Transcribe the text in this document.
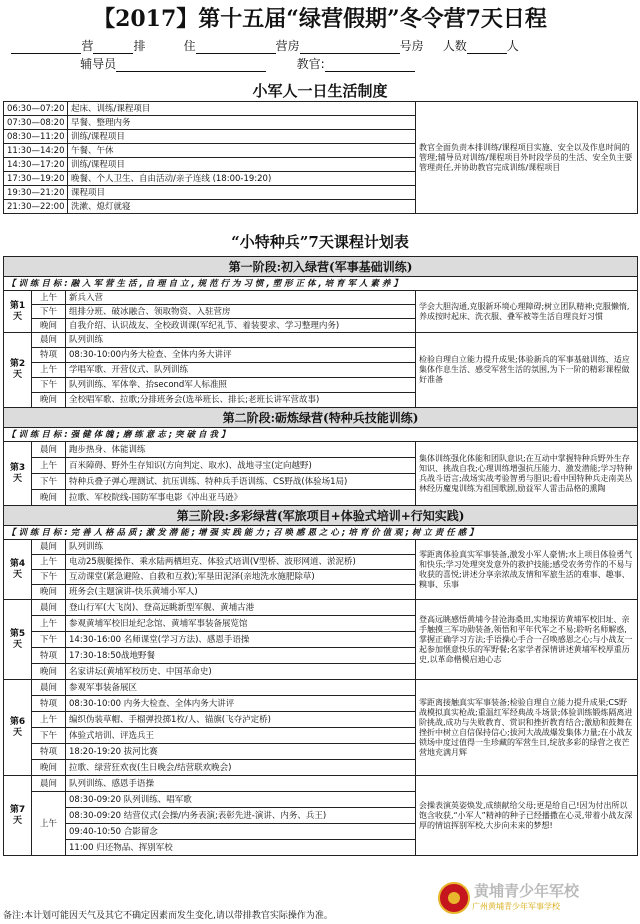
【2017】第十五届“绿营假期”冬令营7天日程
营	排	住	营房	号房 人数	人
辅导员	教官:
小军人一日生活制度
06:30—07:20	起床、训练/课程项目	教官全面负责本排训练/课程项目实施、安全以及作息时间的管理;辅导员对训练/课程项目外时段学员的生活、安全负主要管理责任,并协助教官完成训练/课程项目
07:30—08:20	早餐、整理内务	
08:30—11:20	训练/课程项目	
11:30—14:20	午餐、午休	
14:30—17:20	训练/课程项目	
17:30—19:20	晚餐、个人卫生、自由活动/亲子连线 (18:00-19:20)	
19:30—21:20	课程项目	
21:30—22:00	洗漱、熄灯就寝	
“小特种兵”7天课程计划表
第一阶段:初入绿营(军事基础训练)			
【 训 练 目 标 : 融 入 军 营 生 活 , 自 理 自 立 , 规 范 行 为 习 惯 , 塑 形 正 体 , 培 育 军 人 素 养 】			
第1天	上午	新兵入营	学会大胆沟通,克服新环境心理障碍;树立团队精神;克服懒惰,养成按时起床、洗衣服、叠军被等生活自理良好习惯
	下午	组排分班、破冰融合、领取物资、入驻营房	
	晚间	自我介绍、认识战友、全校政训课(军纪礼节、着装要求、学习整理内务)	
第2天	晨间	队列训练	检验自理自立能力提升成果;体验新兵的军事基础训练、适应集体作息生活、感受军营生活的氛围,为下一阶的精彩课程做好准备
	特项	08:30-10:00内务大检查、全体内务大讲评	
	上午	学唱军歌、开营仪式、队列训练	
	下午	队列训练、军体拳、抬second军人标准照	
	晚间	全校唱军歌、拉歌;分排班务会(选举班长、排长;老班长讲军营故事)	
第二阶段:砺炼绿营(特种兵技能训练)			
【 训 练 目 标 : 强 健 体 魄 ; 磨 练 意 志 ; 突 破 自 我 】			
第3天	晨间	跑步热身、体能训练	集体训练强化体能和团队意识;在互动中掌握特种兵野外生存知识、挑战自我;心理训练增强抗压能力、激发潜能;学习特种兵战斗语言;战场实战考验智勇与胆识;看中国特种兵走南美丛林经历魔鬼训练为祖国歌剧,励益军人雷击品格的熏陶
	上午	百米障碍、野外生存知识(方向判定、取水)、战地寻宝(定向越野)	
	下午	特种兵叠子弹心理测试、抗压训练、特种兵手语训练、CS野战(体验场1局)	
	晚间	拉歌、军校院线-国防军事电影《冲出亚马逊》	
第三阶段:多彩绿营(军旅项目+体验式培训+行知实践)			
【 训 练 目 标 : 完 善 人 格 品 质 ; 激 发 潜 能 ; 增 强 实 践 能 力 ; 召 唤 感 恩 之 心 ; 培 育 价 值 观 ; 树 立 责 任 感 】			
第4天	晨间	队列训练	零距离体验真实军事装备,激发小军人豪情;水上项目体验勇气和快乐;学习处理突发意外的救护技能;感受农务劳作的不易与收获的喜悦;讲述分享亲浓战友情和军旅生活的难事、趣事、糗事、乐事
	上午	电动25舰艇操作、乘水陆两栖坦克、体验式培训(V型桥、波形网道、淤泥桥)	
	下午	互动课堂(紧急避险、自救和互救);军垦田泥泽(亲地洗水施肥除草)	
	晚间	班务会(主题演讲-快乐黄埔小军人)	
第5天	晨间	登山行军(大飞岗)、登高远眺新型军舰、黄埔古港	登高远眺感悟黄埔今昔沧海桑田,实地探访黄埔军校旧址、亲手触摸三军功勋装备,领悟和平年代军之不易;聆听名师解惑,掌握正确学习方法;手语操心手合一召唤感恩之心;与小战友一起参加惬意快乐的军野餐;名家学者深情讲述黄埔军校厚重历史,以革命楷模启迪心志
	上午	参观黄埔军校旧址纪念馆、黄埔军事装备展览馆	
	下午	14:30-16:00 名师课堂(学习方法)、感恩手语操	
	特项	17:30-18:50战地野餐	
	晚间	名家讲坛(黄埔军校历史、中国革命史)	
第6天	晨间	参观军事装备展区	零距离接触真实军事装备;检验自理自立能力提升成果;CS野战模拟真实枪战;重温红军经典战斗场景;体验训练锻炼隔离进阶挑战,成功与失败教育、赏识和挫折教育结合;激励和鼓舞在挫折中树立自信保持信心;拔河大战战爆发集体力量;在小战友锁场中度过值得一生珍藏的军营生日,绽放多彩的绿营之夜芒营地充满月辉
	特项	08:30-10:00 内务大检查、全体内务大讲评	
	上午	编织伪装草帽、手榴弹投掷1枚/人、锚旗(飞夺泸定桥)	
	下午	体验式培训、评选兵王	
	特项	18:20-19:20 拔河比赛	
	晚间	拉歌、绿营狂欢夜(生日晚会/结营联欢晚会)	
第7天	晨间	队列训练、感恩手语操	会操表演英姿焕发,成绩献给父母;更是给自己!因为付出所以饱含收获,“小军人”精神的种子已经播撒在心灵,带着小战友深厚的情谊挥别军校,大步向未来的梦想!
	上午	08:30-09:20 队列训练、唱军歌	
		08:30-09:20 结营仪式(会操/内务表演;表彰先进-演讲、内务、兵王)	
		09:40-10:50 合影留念	
		11:00 归还物品、挥别军校	
备注:本计划可能因天气及其它不确定因素而发生变化,请以带排教官实际操作为准。
黄埔青少年军校
广州黄埔青少年军事学校
